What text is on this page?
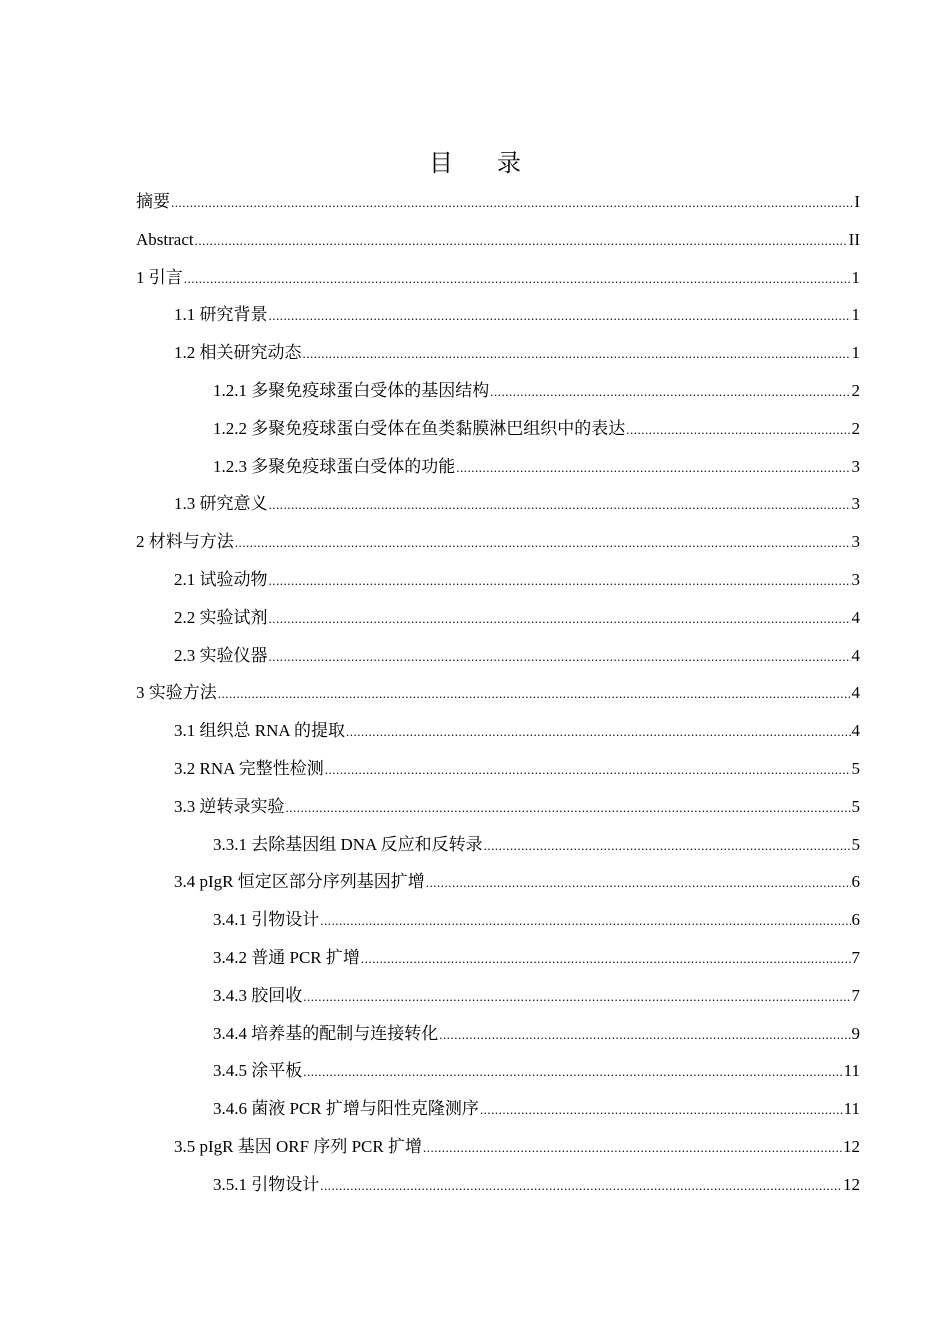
目 录
摘要 .....	I
Abstract .....	II
1 引言 .....	1
1.1 研究背景 .....	1
1.2 相关研究动态 .....	1
1.2.1 多聚免疫球蛋白受体的基因结构 .....	2
1.2.2 多聚免疫球蛋白受体在鱼类黏膜淋巴组织中的表达 .....	2
1.2.3 多聚免疫球蛋白受体的功能 .....	3
1.3 研究意义 .....	3
2 材料与方法 .....	3
2.1 试验动物 .....	3
2.2 实验试剂 .....	4
2.3 实验仪器 .....	4
3 实验方法 .....	4
3.1 组织总 RNA 的提取 .....	4
3.2 RNA 完整性检测 .....	5
3.3 逆转录实验 .....	5
3.3.1 去除基因组 DNA 反应和反转录 .....	5
3.4 pIgR 恒定区部分序列基因扩增 .....	6
3.4.1 引物设计 .....	6
3.4.2 普通 PCR 扩增 .....	7
3.4.3 胶回收 .....	7
3.4.4 培养基的配制与连接转化 .....	9
3.4.5 涂平板 .....	11
3.4.6 菌液 PCR 扩增与阳性克隆测序 .....	11
3.5 pIgR 基因 ORF 序列 PCR 扩增 .....	12
3.5.1 引物设计 .....	12
